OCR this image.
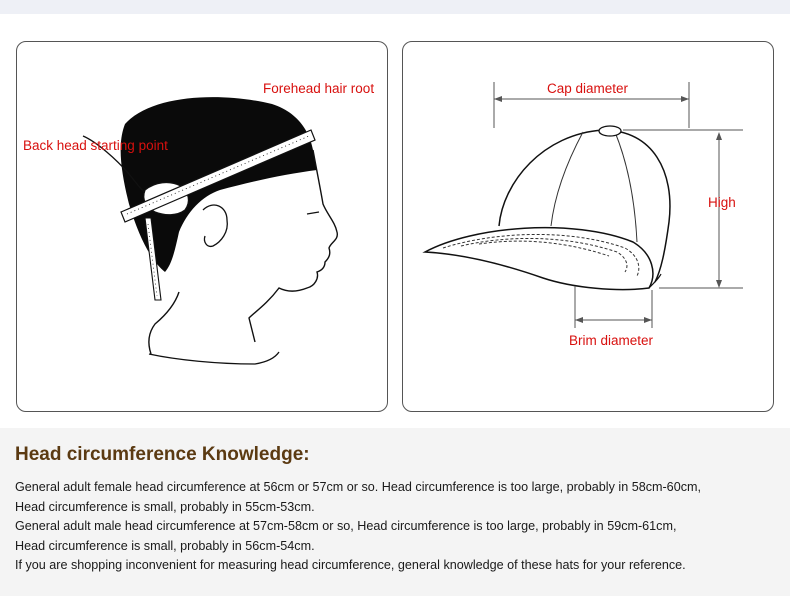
Forehead hair root
Back head starting point
Cap diameter
High
Brim diameter
Head circumference Knowledge:
General adult female head circumference at 56cm or 57cm or so. Head circumference is too large, probably in 58cm-60cm,
Head circumference is small, probably in 55cm-53cm.
General adult male head circumference at 57cm-58cm or so, Head circumference is too large, probably in 59cm-61cm,
Head circumference is small, probably in 56cm-54cm.
If you are shopping inconvenient for measuring head circumference, general knowledge of these hats for your reference.
